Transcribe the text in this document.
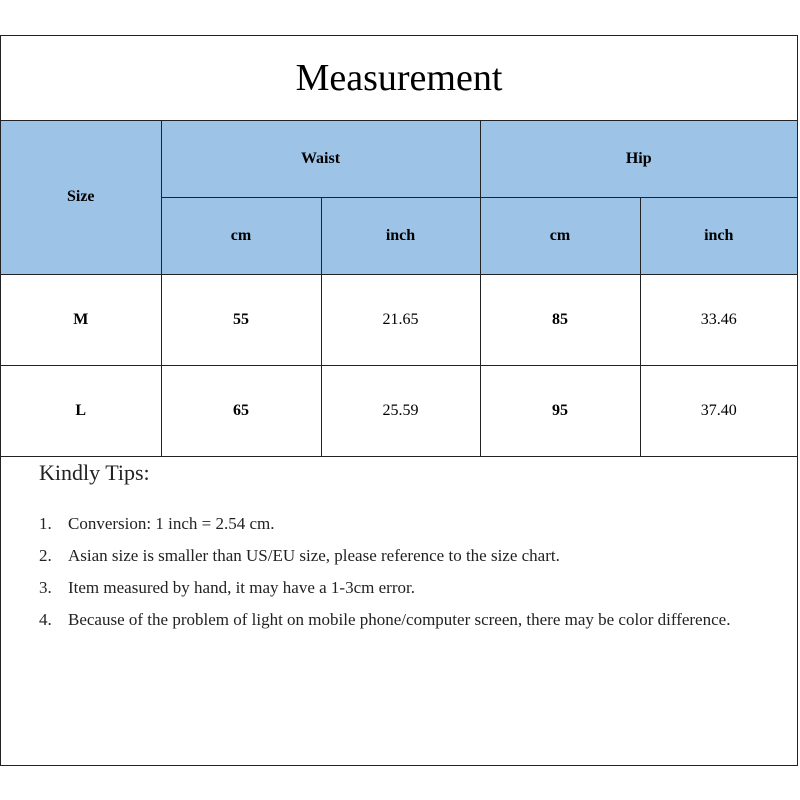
Measurement
Size	Waist		Hip	
	cm	inch	cm	inch
M	55	21.65	85	33.46
L	65	25.59	95	37.40
Kindly Tips:
1. Conversion: 1 inch = 2.54 cm.
2. Asian size is smaller than US/EU size, please reference to the size chart.
3. Item measured by hand, it may have a 1-3cm error.
4. Because of the problem of light on mobile phone/computer screen, there may be color difference.
